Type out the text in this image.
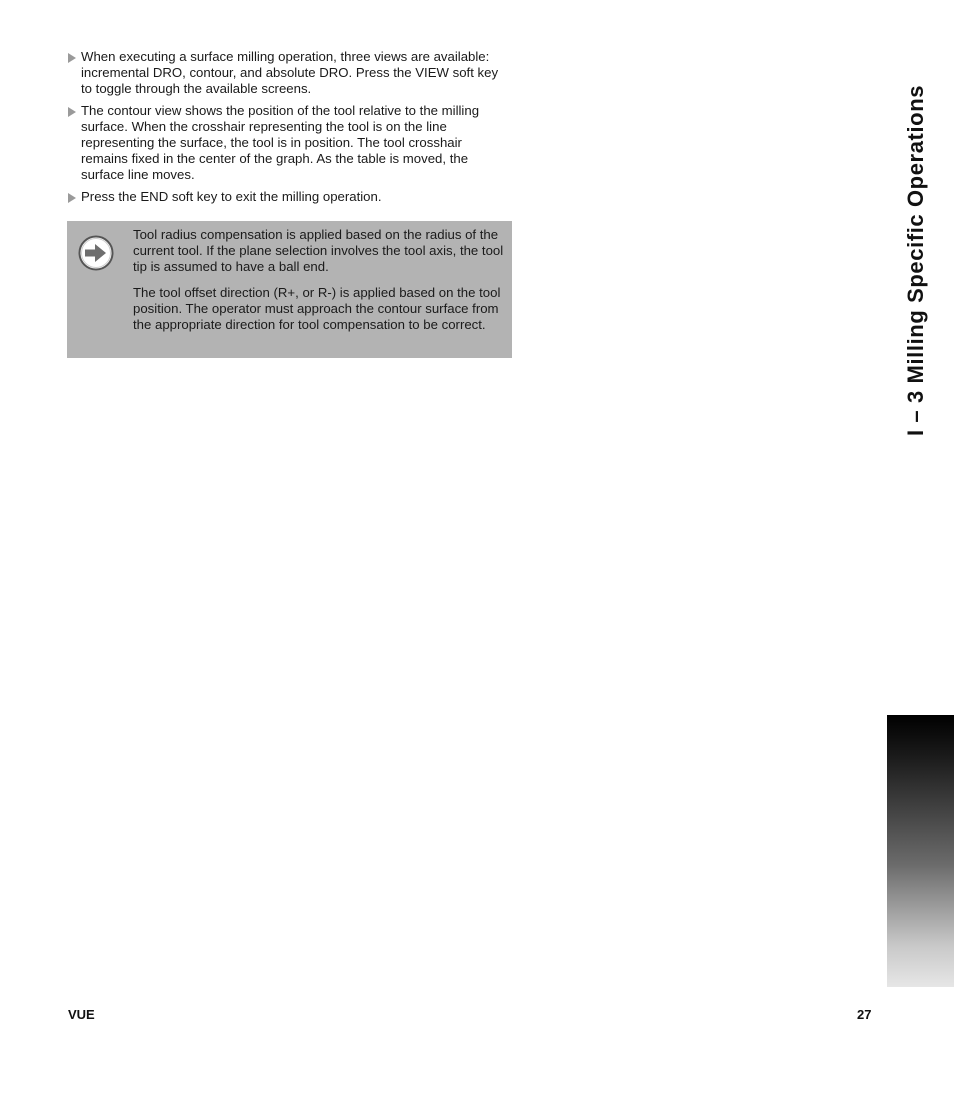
When executing a surface milling operation, three views are available: incremental DRO, contour, and absolute DRO. Press the VIEW soft key to toggle through the available screens.
The contour view shows the position of the tool relative to the milling surface. When the crosshair representing the tool is on the line representing the surface, the tool is in position. The tool crosshair remains fixed in the center of the graph. As the table is moved, the surface line moves.
Press the END soft key to exit the milling operation.

Tool radius compensation is applied based on the radius of the current tool. If the plane selection involves the tool axis, the tool tip is assumed to have a ball end.

The tool offset direction (R+, or R-) is applied based on the tool position. The operator must approach the contour surface from the appropriate direction for tool compensation to be correct.	I – 3 Milling Specific Operations
VUE	27
